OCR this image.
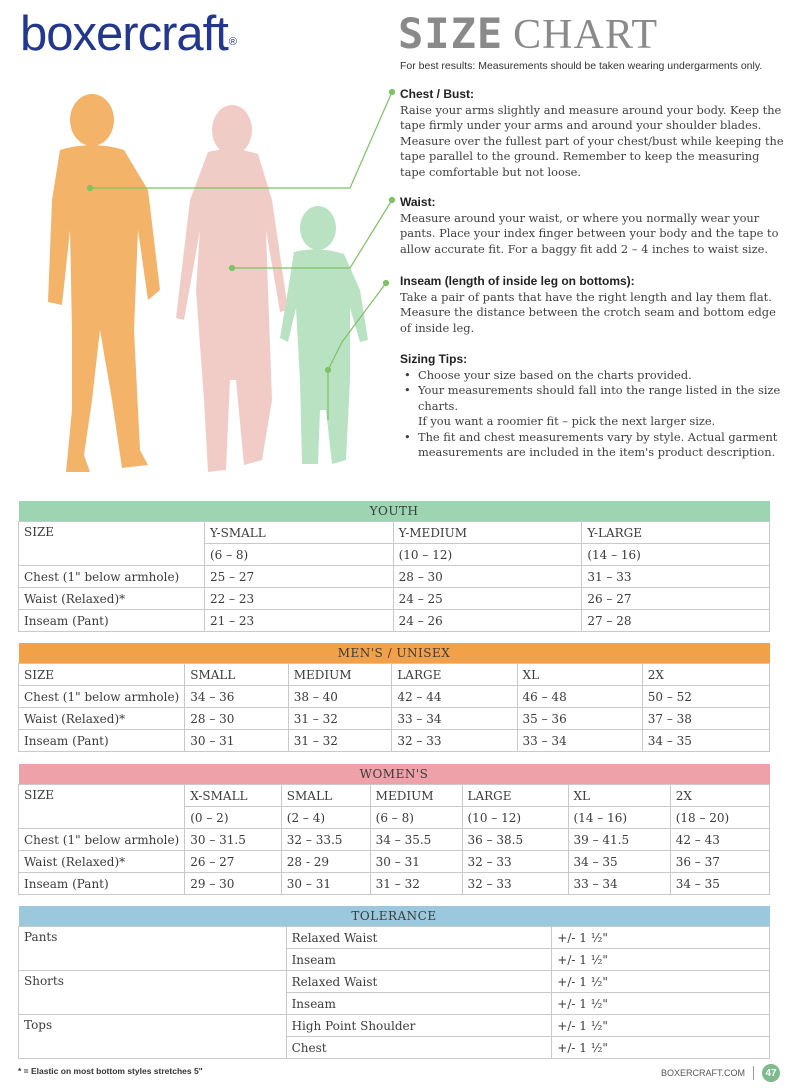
boxercraft®	SIZE CHART
For best results: Measurements should be taken wearing undergarments only.
Chest / Bust:

Raise your arms slightly and measure around your body. Keep the tape firmly under your arms and around your shoulder blades. Measure over the fullest part of your chest/bust while keeping the tape parallel to the ground. Remember to keep the measuring tape comfortable but not loose.

Waist:

Measure around your waist, or where you normally wear your pants. Place your index finger between your body and the tape to allow accurate fit. For a baggy fit add 2 – 4 inches to waist size.

Inseam (length of inside leg on bottoms):

Take a pair of pants that have the right length and lay them flat. Measure the distance between the crotch seam and bottom edge of inside leg.

Sizing Tips:
• Choose your size based on the charts provided.
• Your measurements should fall into the range listed in the size charts.
If you want a roomier fit – pick the next larger size.
• The fit and chest measurements vary by style. Actual garment measurements are included in the item's product description.
YOUTH			
SIZE	Y-SMALL	Y-MEDIUM	Y-LARGE
	(6 – 8)	(10 – 12)	(14 – 16)
Chest (1" below armhole)	25 – 27	28 – 30	31 – 33
Waist (Relaxed)*	22 – 23	24 – 25	26 – 27
Inseam (Pant)	21 – 23	24 – 26	27 – 28
MEN'S / UNISEX					
SIZE	SMALL	MEDIUM	LARGE	XL	2X
Chest (1" below armhole)	34 – 36	38 – 40	42 – 44	46 – 48	50 – 52
Waist (Relaxed)*	28 – 30	31 – 32	33 – 34	35 – 36	37 – 38
Inseam (Pant)	30 – 31	31 – 32	32 – 33	33 – 34	34 – 35
WOMEN'S						
SIZE	X-SMALL	SMALL	MEDIUM	LARGE	XL	2X
	(0 – 2)	(2 – 4)	(6 – 8)	(10 – 12)	(14 – 16)	(18 – 20)
Chest (1" below armhole)	30 – 31.5	32 – 33.5	34 – 35.5	36 – 38.5	39 – 41.5	42 – 43
Waist (Relaxed)*	26 – 27	28 - 29	30 – 31	32 – 33	34 – 35	36 – 37
Inseam (Pant)	29 – 30	30 – 31	31 – 32	32 – 33	33 – 34	34 – 35
TOLERANCE		
Pants	Relaxed Waist	+/- 1 ½"
	Inseam	+/- 1 ½"
Shorts	Relaxed Waist	+/- 1 ½"
	Inseam	+/- 1 ½"
Tops	High Point Shoulder	+/- 1 ½"
	Chest	+/- 1 ½"
* = Elastic on most bottom styles stretches 5"	BOXERCRAFT.COM	47
